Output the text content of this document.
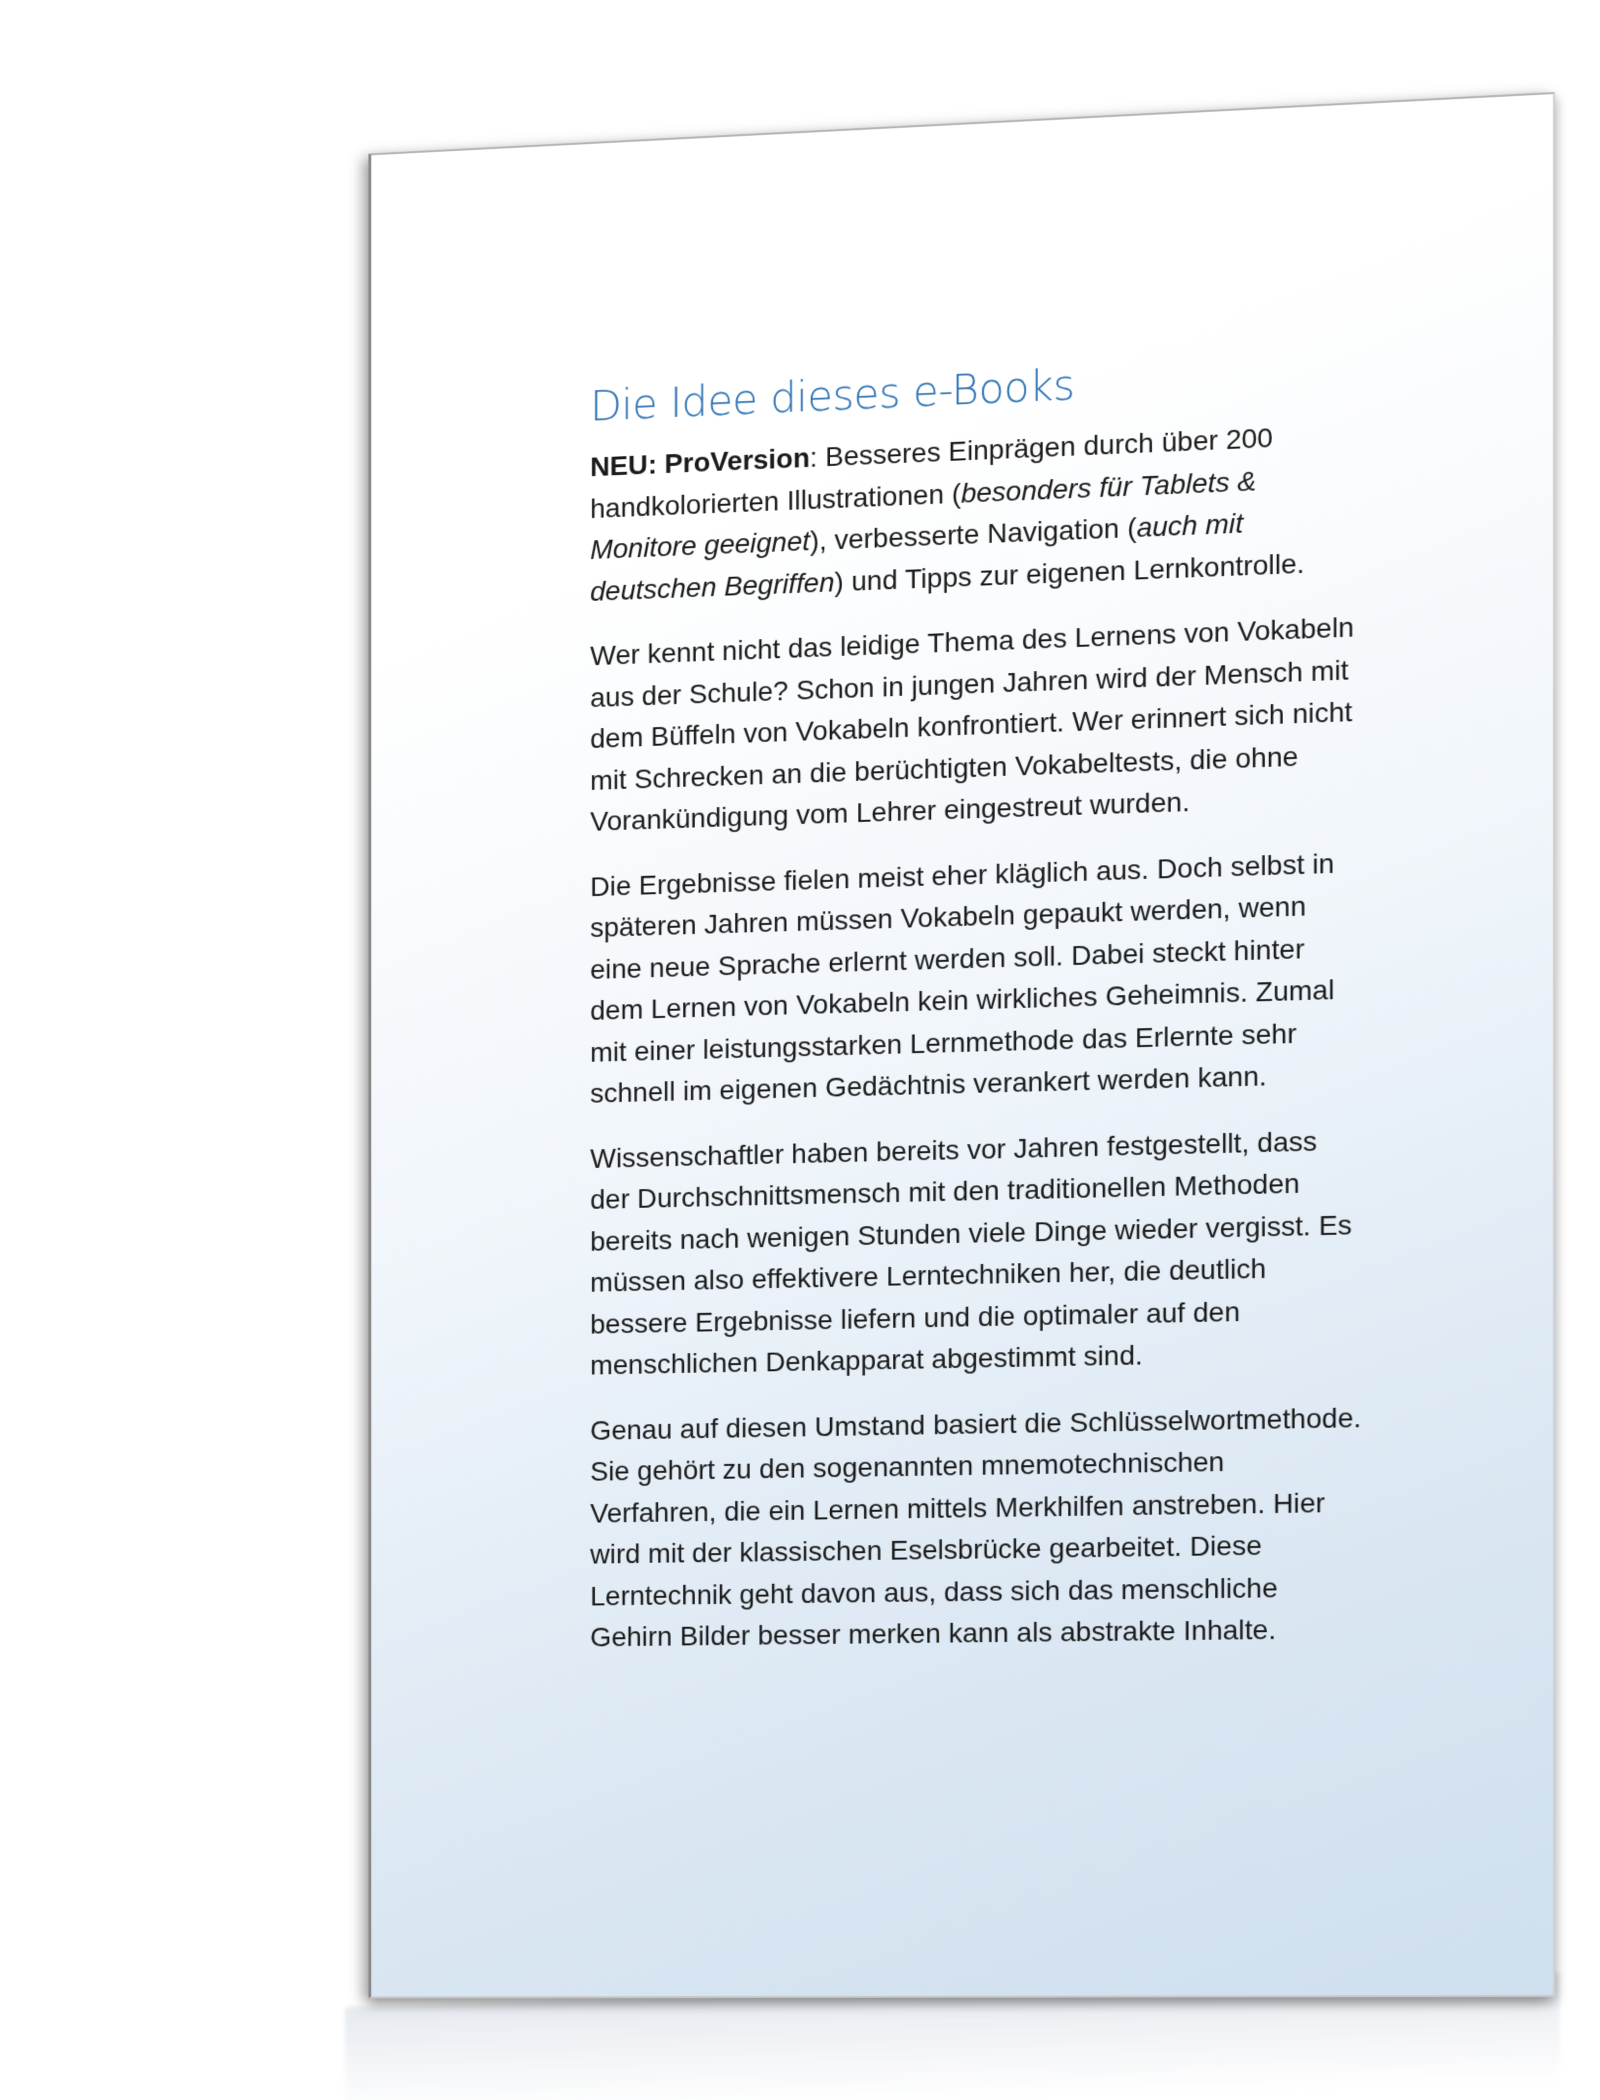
Die Idee dieses e-Books

NEU: ProVersion: Besseres Einprägen durch über 200 handkolorierten Illustrationen (besonders für Tablets & Monitore geeignet), verbesserte Navigation (auch mit deutschen Begriffen) und Tipps zur eigenen Lernkontrolle.

Wer kennt nicht das leidige Thema des Lernens von Vokabeln aus der Schule? Schon in jungen Jahren wird der Mensch mit dem Büffeln von Vokabeln konfrontiert. Wer erinnert sich nicht mit Schrecken an die berüchtigten Vokabeltests, die ohne Vorankündigung vom Lehrer eingestreut wurden.

Die Ergebnisse fielen meist eher kläglich aus. Doch selbst in späteren Jahren müssen Vokabeln gepaukt werden, wenn eine neue Sprache erlernt werden soll. Dabei steckt hinter dem Lernen von Vokabeln kein wirkliches Geheimnis. Zumal mit einer leistungsstarken Lernmethode das Erlernte sehr schnell im eigenen Gedächtnis verankert werden kann.

Wissenschaftler haben bereits vor Jahren festgestellt, dass der Durchschnittsmensch mit den traditionellen Methoden bereits nach wenigen Stunden viele Dinge wieder vergisst. Es müssen also effektivere Lerntechniken her, die deutlich bessere Ergebnisse liefern und die optimaler auf den menschlichen Denkapparat abgestimmt sind.

Genau auf diesen Umstand basiert die Schlüsselwortmethode. Sie gehört zu den sogenannten mnemotechnischen Verfahren, die ein Lernen mittels Merkhilfen anstreben. Hier wird mit der klassischen Eselsbrücke gearbeitet. Diese Lerntechnik geht davon aus, dass sich das menschliche Gehirn Bilder besser merken kann als abstrakte Inhalte.
